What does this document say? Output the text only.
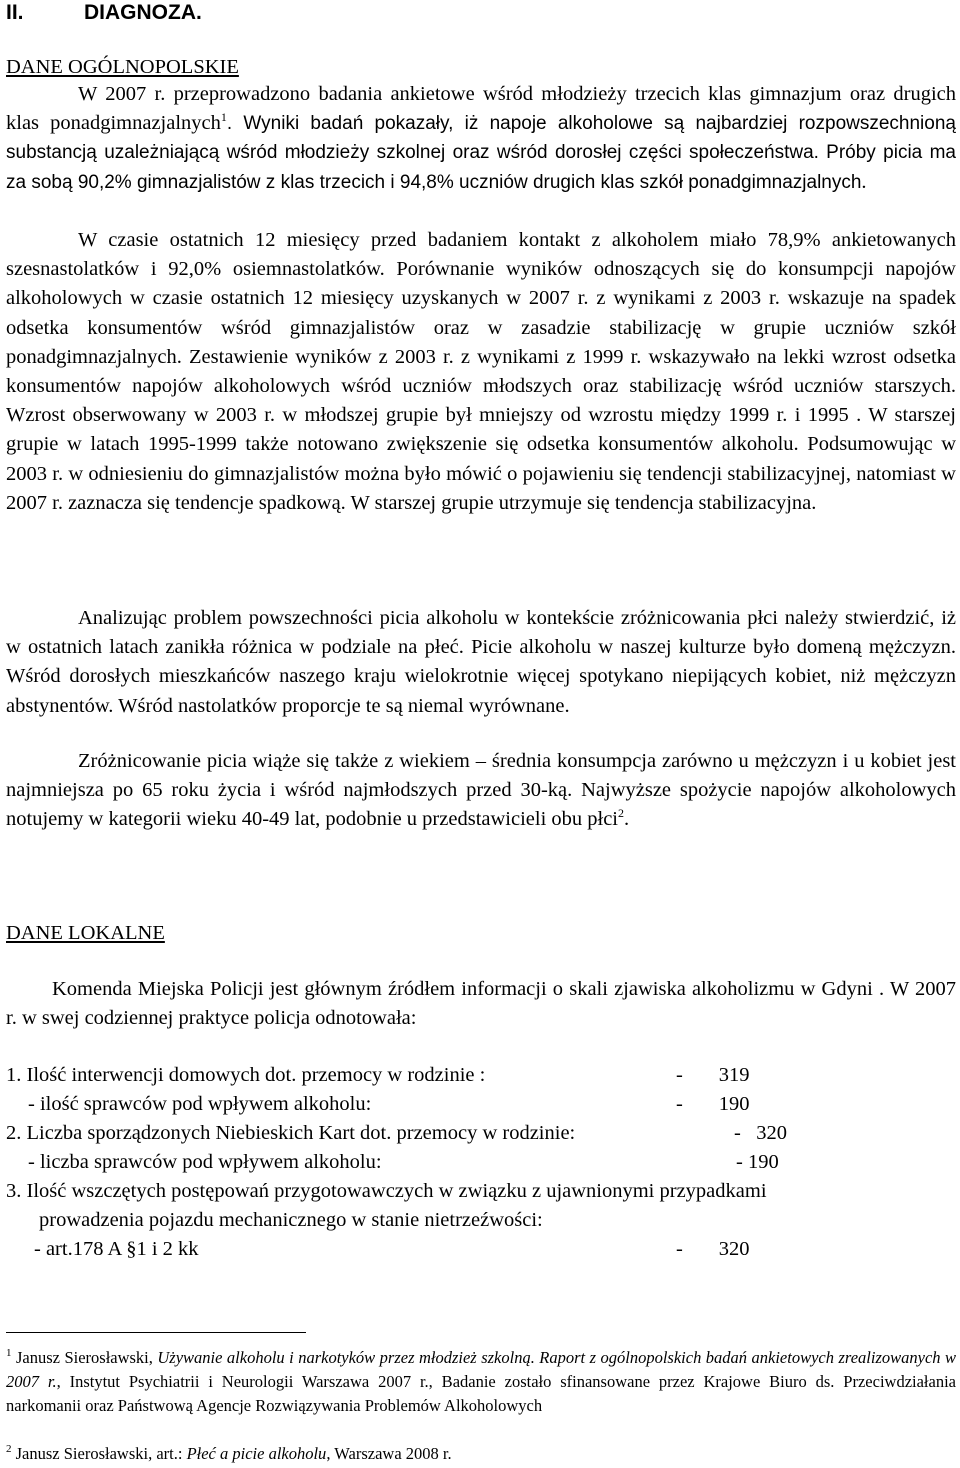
II.	DIAGNOZA.
DANE OGÓLNOPOLSKIE

W 2007 r. przeprowadzono badania ankietowe wśród młodzieży trzecich klas gimnazjum oraz drugich klas ponadgimnazjalnych$^1$. Wyniki badań pokazały, iż napoje alkoholowe są najbardziej rozpowszechnioną substancją uzależniającą wśród młodzieży szkolnej oraz wśród dorosłej części społeczeństwa. Próby picia ma za sobą 90,2% gimnazjalistów z klas trzecich i 94,8% uczniów drugich klas szkół ponadgimnazjalnych.

W czasie ostatnich 12 miesięcy przed badaniem kontakt z alkoholem miało 78,9% ankietowanych szesnastolatków i 92,0% osiemnastolatków. Porównanie wyników odnoszących się do konsumpcji napojów alkoholowych w czasie ostatnich 12 miesięcy uzyskanych w 2007 r. z wynikami z 2003 r. wskazuje na spadek odsetka konsumentów wśród gimnazjalistów oraz w zasadzie stabilizację w grupie uczniów szkół ponadgimnazjalnych. Zestawienie wyników z 2003 r. z wynikami z 1999 r. wskazywało na lekki wzrost odsetka konsumentów napojów alkoholowych wśród uczniów młodszych oraz stabilizację wśród uczniów starszych. Wzrost obserwowany w 2003 r. w młodszej grupie był mniejszy od wzrostu między 1999 r. i 1995 . W starszej grupie w latach 1995-1999 także notowano zwiększenie się odsetka konsumentów alkoholu. Podsumowując w 2003 r. w odniesieniu do gimnazjalistów można było mówić o pojawieniu się tendencji stabilizacyjnej, natomiast w 2007 r. zaznacza się tendencje spadkową. W starszej grupie utrzymuje się tendencja stabilizacyjna.

Analizując problem powszechności picia alkoholu w kontekście zróżnicowania płci należy stwierdzić, iż w ostatnich latach zanikła różnica w podziale na płeć. Picie alkoholu w naszej kulturze było domeną mężczyzn. Wśród dorosłych mieszkańców naszego kraju wielokrotnie więcej spotykano niepijących kobiet, niż mężczyzn abstynentów. Wśród nastolatków proporcje te są niemal wyrównane.

Zróżnicowanie picia wiąże się także z wiekiem – średnia konsumpcja zarówno u mężczyzn i u kobiet jest najmniejsza po 65 roku życia i wśród najmłodszych przed 30-ką. Najwyższe spożycie napojów alkoholowych notujemy w kategorii wieku 40-49 lat, podobnie u przedstawicieli obu płci$^2$.

DANE LOKALNE

Komenda Miejska Policji jest głównym źródłem informacji o skali zjawiska alkoholizmu w Gdyni . W 2007 r. w swej codziennej praktyce policja odnotowała:

1. Ilość interwencji domowych dot. przemocy w rodzinie :	-       319
- ilość sprawców pod wpływem alkoholu:	-       190
2. Liczba sporządzonych Niebieskich Kart dot. przemocy w rodzinie:	-   320
- liczba sprawców pod wpływem alkoholu:	- 190
3. Ilość wszczętych postępowań przygotowawczych w związku z ujawnionymi przypadkami
prowadzenia pojazdu mechanicznego w stanie nietrzeźwości:
- art.178 A §1 i 2 kk	-       320

$^1$ Janusz Sierosławski, Używanie alkoholu i narkotyków przez młodzież szkolną. Raport z ogólnopolskich badań ankietowych zrealizowanych w 2007 r., Instytut Psychiatrii i Neurologii Warszawa 2007 r., Badanie zostało sfinansowane przez Krajowe Biuro ds. Przeciwdziałania narkomanii oraz Państwową Agencje Rozwiązywania Problemów Alkoholowych

$^2$ Janusz Sierosławski, art.: Płeć a picie alkoholu, Warszawa 2008 r.
